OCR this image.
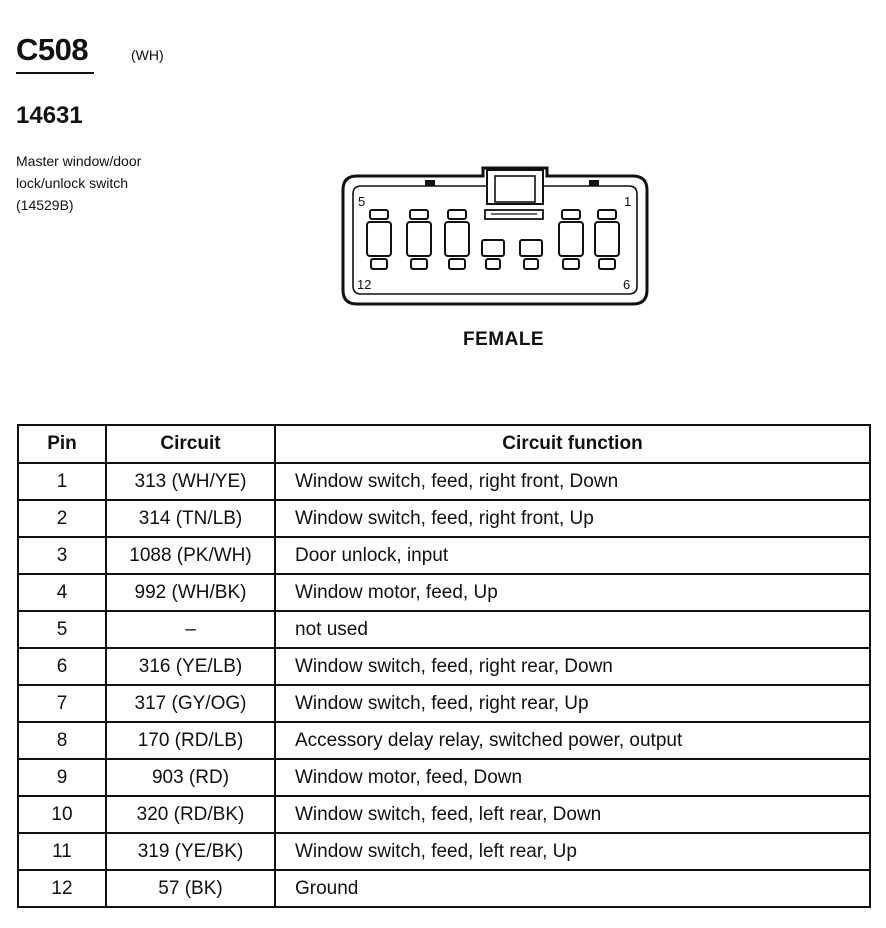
C508	(WH)
14631
Master window/door
lock/unlock switch
(14529B)	5	1
12	6
FEMALE
Pin	Circuit	Circuit function
1	313 (WH/YE)	Window switch, feed, right front, Down
2	314 (TN/LB)	Window switch, feed, right front, Up
3	1088 (PK/WH)	Door unlock, input
4	992 (WH/BK)	Window motor, feed, Up
5	–	not used
6	316 (YE/LB)	Window switch, feed, right rear, Down
7	317 (GY/OG)	Window switch, feed, right rear, Up
8	170 (RD/LB)	Accessory delay relay, switched power, output
9	903 (RD)	Window motor, feed, Down
10	320 (RD/BK)	Window switch, feed, left rear, Down
11	319 (YE/BK)	Window switch, feed, left rear, Up
12	57 (BK)	Ground
